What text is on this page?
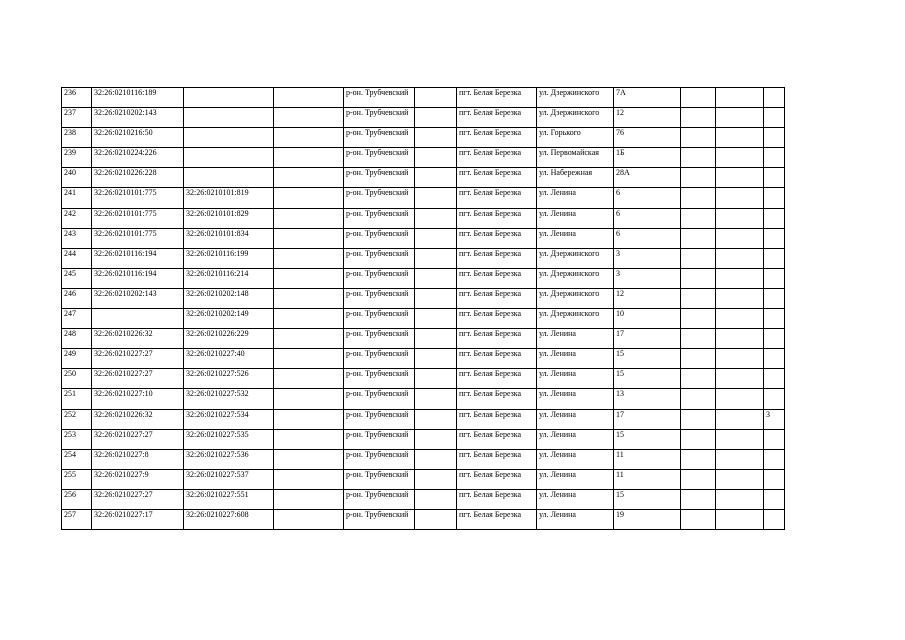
236	32:26:0210116:189			р-он. Трубчевский		пгт. Белая Березка	ул. Дзержинского	7А			
237	32:26:0210202:143			р-он. Трубчевский		пгт. Белая Березка	ул. Дзержинского	12			
238	32:26:0210216:50			р-он. Трубчевский		пгт. Белая Березка	ул. Горького	76			
239	32:26:0210224:226			р-он. Трубчевский		пгт. Белая Березка	ул. Первомайская	1Б			
240	32:26:0210226:228			р-он. Трубчевский		пгт. Белая Березка	ул. Набережная	28А			
241	32:26:0210101:775	32:26:0210101:819		р-он. Трубчевский		пгт. Белая Березка	ул. Ленина	6			
242	32:26:0210101:775	32:26:0210101:829		р-он. Трубчевский		пгт. Белая Березка	ул. Ленина	6			
243	32:26:0210101:775	32:26:0210101:834		р-он. Трубчевский		пгт. Белая Березка	ул. Ленина	6			
244	32:26:0210116:194	32:26:0210116:199		р-он. Трубчевский		пгт. Белая Березка	ул. Дзержинского	3			
245	32:26:0210116:194	32:26:0210116:214		р-он. Трубчевский		пгт. Белая Березка	ул. Дзержинского	3			
246	32:26:0210202:143	32:26:0210202:148		р-он. Трубчевский		пгт. Белая Березка	ул. Дзержинского	12			
247		32:26:0210202:149		р-он. Трубчевский		пгт. Белая Березка	ул. Дзержинского	10			
248	32:26:0210226:32	32:26:0210226:229		р-он. Трубчевский		пгт. Белая Березка	ул. Ленина	17			
249	32:26:0210227:27	32:26:0210227:40		р-он. Трубчевский		пгт. Белая Березка	ул. Ленина	15			
250	32:26:0210227:27	32:26:0210227:526		р-он. Трубчевский		пгт. Белая Березка	ул. Ленина	15			
251	32:26:0210227:10	32:26:0210227:532		р-он. Трубчевский		пгт. Белая Березка	ул. Ленина	13			
252	32:26:0210226:32	32:26:0210227:534		р-он. Трубчевский		пгт. Белая Березка	ул. Ленина	17			3
253	32:26:0210227:27	32:26:0210227:535		р-он. Трубчевский		пгт. Белая Березка	ул. Ленина	15			
254	32:26:0210227:8	32:26:0210227:536		р-он. Трубчевский		пгт. Белая Березка	ул. Ленина	11			
255	32:26:0210227:9	32:26:0210227:537		р-он. Трубчевский		пгт. Белая Березка	ул. Ленина	11			
256	32:26:0210227:27	32:26:0210227:551		р-он. Трубчевский		пгт. Белая Березка	ул. Ленина	15			
257	32:26:0210227:17	32:26:0210227:608		р-он. Трубчевский		пгт. Белая Березка	ул. Ленина	19			
